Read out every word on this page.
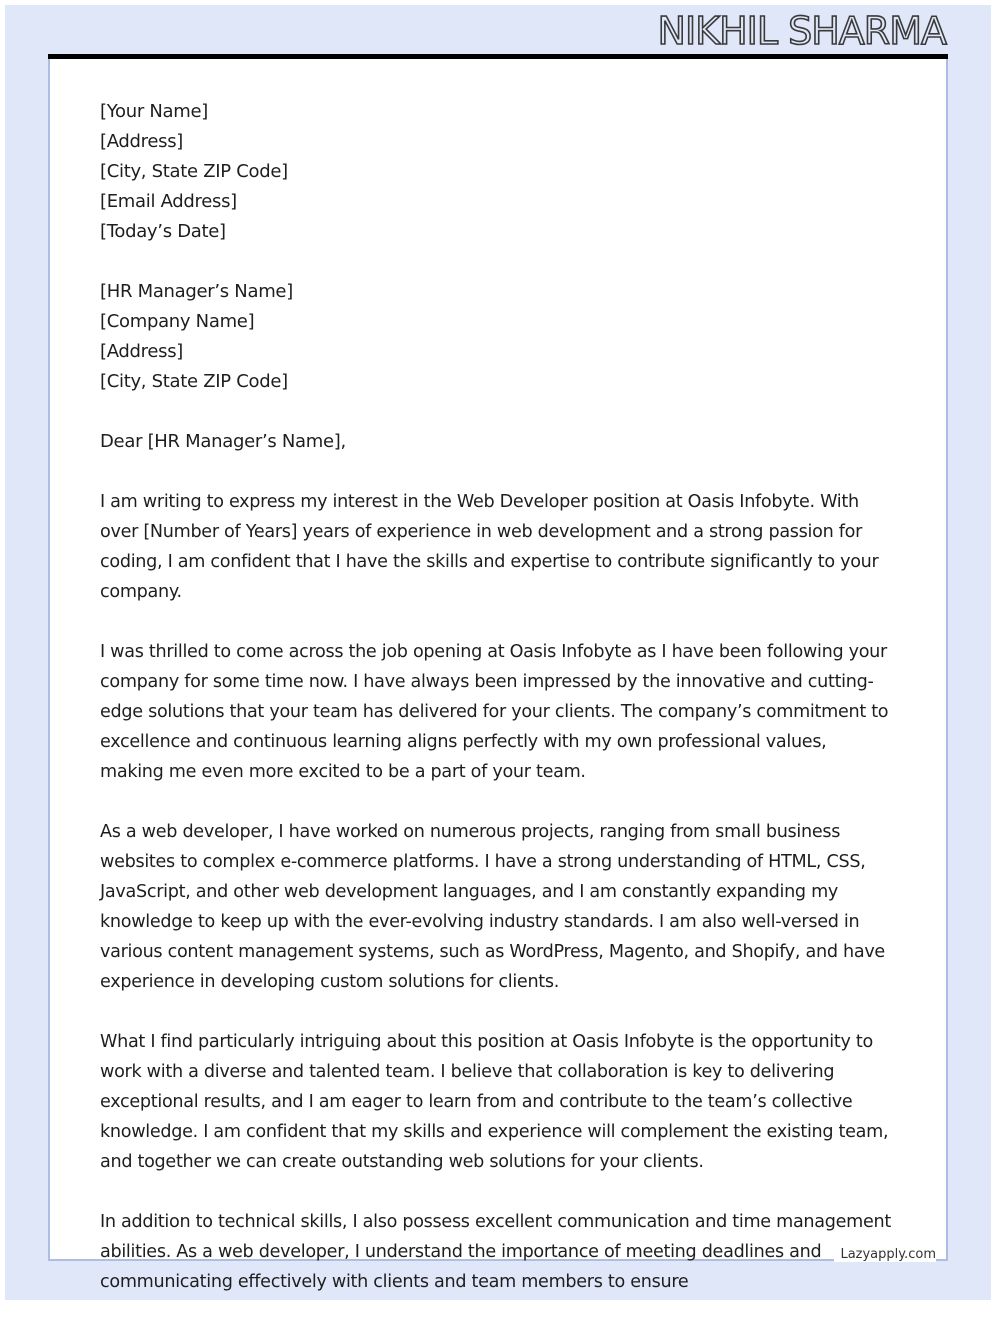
NIKHIL SHARMA
[Your Name]
[Address]
[City, State ZIP Code]
[Email Address]
[Today’s Date]
[HR Manager’s Name]
[Company Name]
[Address]
[City, State ZIP Code]
Dear [HR Manager’s Name],

I am writing to express my interest in the Web Developer position at Oasis Infobyte. With over [Number of Years] years of experience in web development and a strong passion for coding, I am confident that I have the skills and expertise to contribute significantly to your company.

I was thrilled to come across the job opening at Oasis Infobyte as I have been following your company for some time now. I have always been impressed by the innovative and cutting-edge solutions that your team has delivered for your clients. The company’s commitment to excellence and continuous learning aligns perfectly with my own professional values, making me even more excited to be a part of your team.

As a web developer, I have worked on numerous projects, ranging from small business websites to complex e-commerce platforms. I have a strong understanding of HTML, CSS, JavaScript, and other web development languages, and I am constantly expanding my knowledge to keep up with the ever-evolving industry standards. I am also well-versed in various content management systems, such as WordPress, Magento, and Shopify, and have experience in developing custom solutions for clients.

What I find particularly intriguing about this position at Oasis Infobyte is the opportunity to work with a diverse and talented team. I believe that collaboration is key to delivering exceptional results, and I am eager to learn from and contribute to the team’s collective knowledge. I am confident that my skills and experience will complement the existing team, and together we can create outstanding web solutions for your clients.

In addition to technical skills, I also possess excellent communication and time management abilities. As a web developer, I understand the importance of meeting deadlines and communicating effectively with clients and team members to ensure

Lazyapply.com
